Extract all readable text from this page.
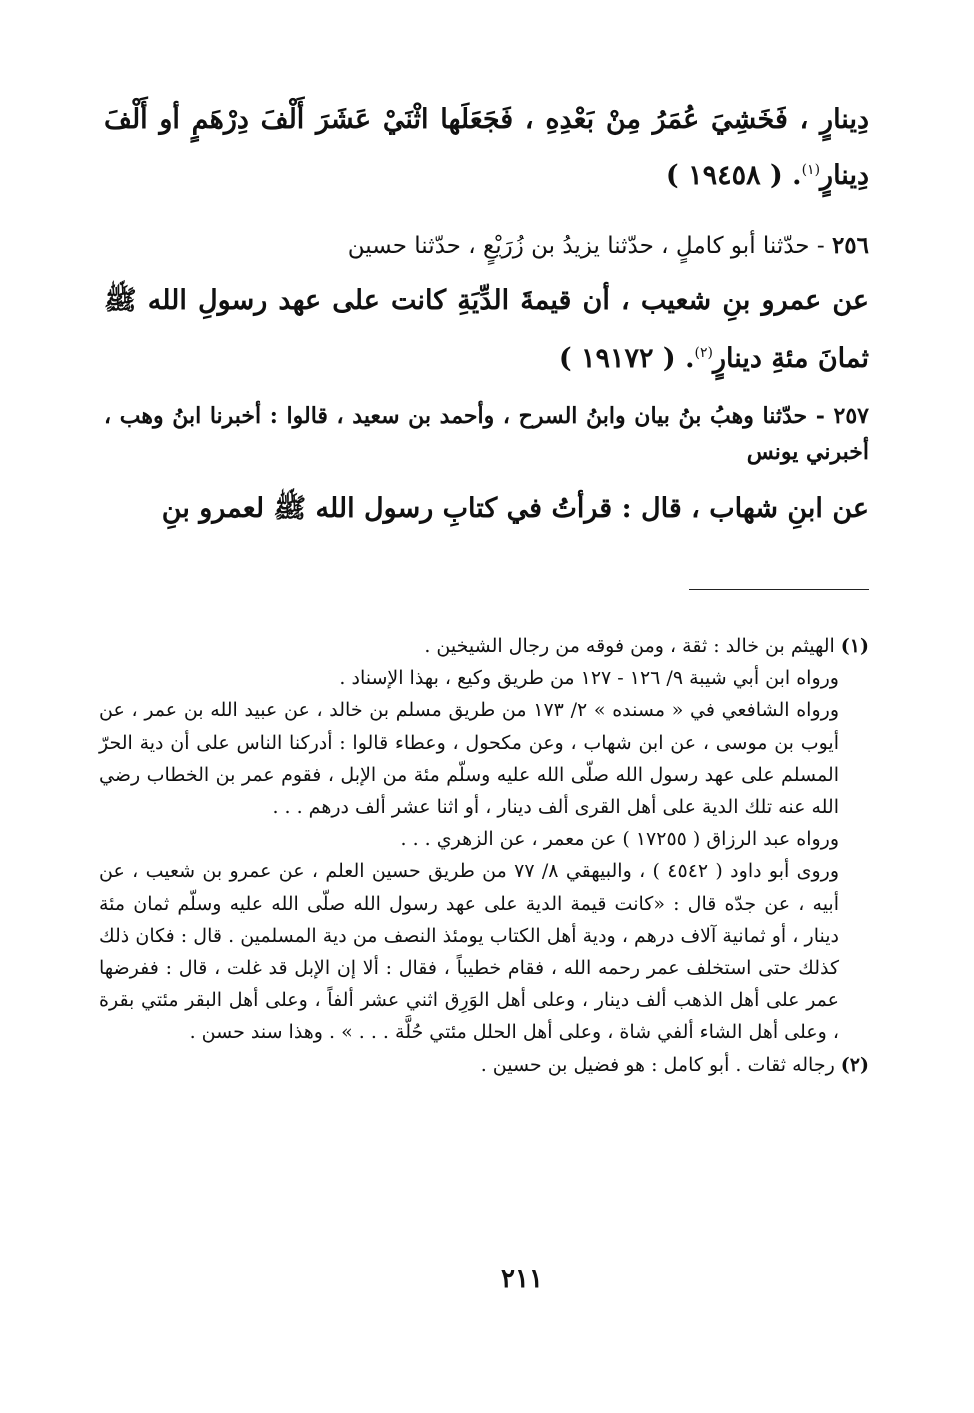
دِينارٍ ، فَخَشِيَ عُمَرُ مِنْ بَعْدِهِ ، فَجَعَلَها اثْنَيْ عَشَرَ أَلْفَ دِرْهَمٍ أو أَلْفَ دِينارٍ$^{(١)}$. ( ١٩٤٥٨ )

٢٥٦ - حدّثنا أبو كاملٍ ، حدّثنا يزيدُ بن زُرَيْعٍ ، حدّثنا حسين

عن عمرو بنِ شعيب ، أن قيمةَ الدِّيَةِ كانت على عهد رسولِ الله ﷺ ثمانَ مئةِ دينارٍ$^{(٢)}$. ( ١٩١٧٢ )

٢٥٧ - حدّثنا وهبُ بنُ بيان وابنُ السرح ، وأحمد بن سعيد ، قالوا : أخبرنا ابنُ وهب ، أخبرني يونس

عن ابنِ شهاب ، قال : قرأتُ في كتابِ رسول الله ﷺ لعمرو بنِ

(١)الهيثم بن خالد : ثقة ، ومن فوقه من رجال الشيخين .

ورواه ابن أبي شيبة ٩/ ١٢٦ - ١٢٧ من طريق وكيع ، بهذا الإسناد .

ورواه الشافعي في « مسنده » ٢/ ١٧٣ من طريق مسلم بن خالد ، عن عبيد الله بن عمر ، عن أيوب بن موسى ، عن ابن شهاب ، وعن مكحول ، وعطاء قالوا : أدركنا الناس على أن دية الحرّ المسلم على عهد رسول الله صلّى الله عليه وسلّم مئة من الإبل ، فقوم عمر بن الخطاب رضي الله عنه تلك الدية على أهل القرى ألف دينار ، أو اثنا عشر ألف درهم . . .

ورواه عبد الرزاق ( ١٧٢٥٥ ) عن معمر ، عن الزهري . . .

وروى أبو داود ( ٤٥٤٢ ) ، والبيهقي ٨/ ٧٧ من طريق حسين العلم ، عن عمرو بن شعيب ، عن أبيه ، عن جدّه قال : «كانت قيمة الدية على عهد رسول الله صلّى الله عليه وسلّم ثمان مئة دينار ، أو ثمانية آلاف درهم ، ودية أهل الكتاب يومئذ النصف من دية المسلمين . قال : فكان ذلك كذلك حتى استخلف عمر رحمه الله ، فقام خطيباً ، فقال : ألا إن الإبل قد غلت ، قال : ففرضها عمر على أهل الذهب ألف دينار ، وعلى أهل الوَرِق اثني عشر ألفاً ، وعلى أهل البقر مئتي بقرة ، وعلى أهل الشاء ألفي شاة ، وعلى أهل الحلل مئتي حُلَّة . . . » . وهذا سند حسن .

(٢)رجاله ثقات . أبو كامل : هو فضيل بن حسين .

٢١١
